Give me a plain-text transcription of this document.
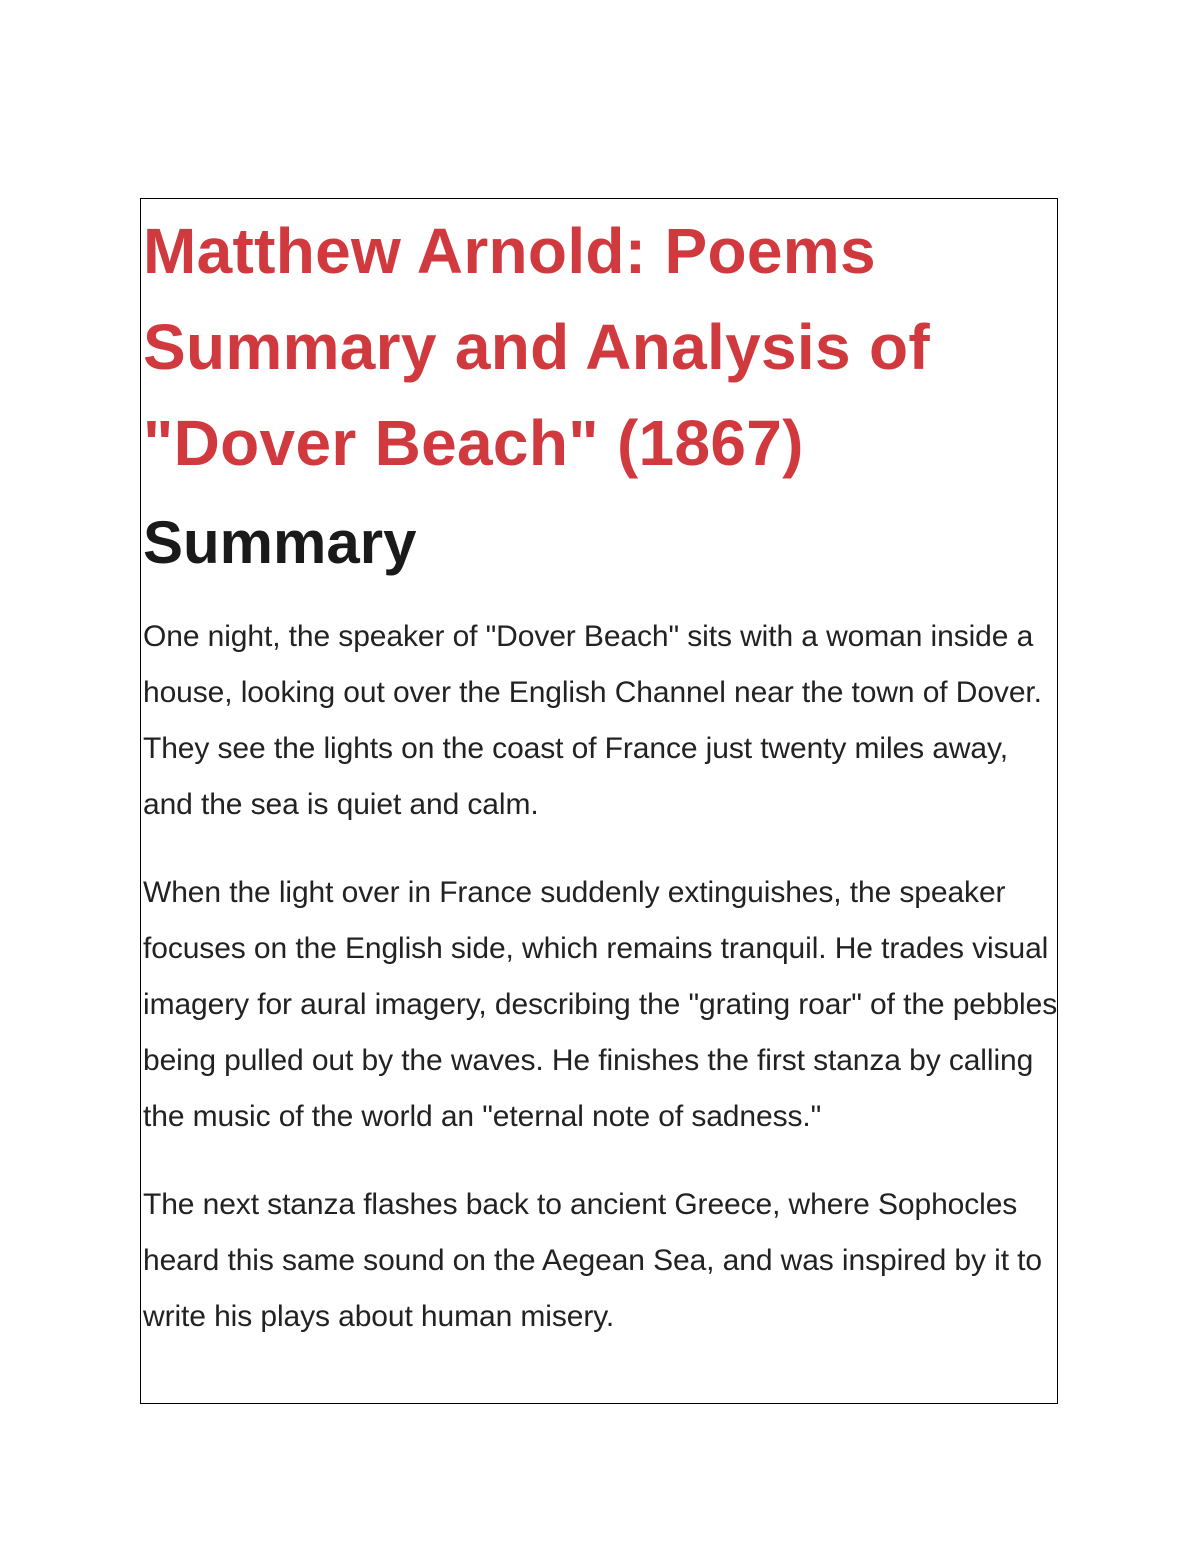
Matthew Arnold: Poems Summary and Analysis of "Dover Beach" (1867)
Summary

One night, the speaker of "Dover Beach" sits with a woman inside a house, looking out over the English Channel near the town of Dover. They see the lights on the coast of France just twenty miles away, and the sea is quiet and calm.

When the light over in France suddenly extinguishes, the speaker focuses on the English side, which remains tranquil. He trades visual imagery for aural imagery, describing the "grating roar" of the pebbles being pulled out by the waves. He finishes the first stanza by calling the music of the world an "eternal note of sadness."

The next stanza flashes back to ancient Greece, where Sophocles heard this same sound on the Aegean Sea, and was inspired by it to write his plays about human misery.
